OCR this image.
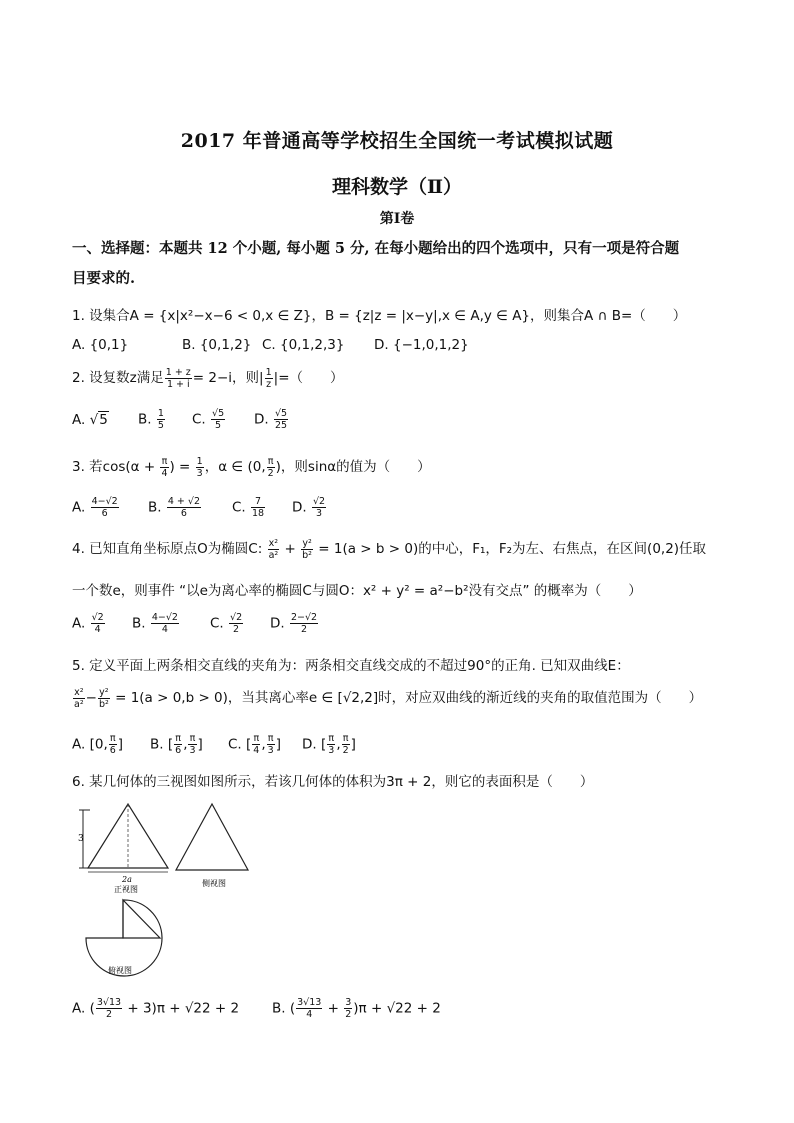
2017 年普通高等学校招生全国统一考试模拟试题
理科数学（Ⅱ）
第Ⅰ卷
一、选择题：本题共 12 个小题, 每小题 5 分, 在每小题给出的四个选项中，只有一项是符合题
目要求的.
1. 设集合A = {x|x²−x−6 < 0,x ∈ Z}，B = {z|z = |x−y|,x ∈ A,y ∈ A}，则集合A ∩ B=（　　）
A. {0,1}	B. {0,1,2} C. {0,1,2,3} D. {−1,0,1,2}
2. 设复数z满足 $\frac{1 + z}{1 + i} = 2-i$，则| $\frac{1}{z}$ |=（　　）
A. √5 B. $\frac{1}{5} C$. $\frac{√5}{5} D$. $\frac{√5}{25}$
3. 若$\cos(\alpha + \frac{\pi}{4}$ ) = $\frac{1}{3}$ ，α ∈ (0, $\frac{\pi}{2}$ )，则sinα的值为（　　）
A. $\frac{4-√2}{6} B$. $\frac{4 + √2}{6} C$. $\frac{7}{18} D$. $\frac{√2}{3}$
4. 已知直角坐标原点O为椭圆C: $\frac{\text{x²}}{\text{a²}} + \frac{\text{y²}}{\text{b²}} = 1(a > b > 0)$的中心，F₁，F₂为左、右焦点，在区间(0,2)任取
一个数e，则事件 “以e为离心率的椭圆C与圆O：x² + y² = a²−b²没有交点” 的概率为（　　）
A. $\frac{√2}{4} B$. $\frac{4-√2}{4} C$. $\frac{√2}{2} D$. $\frac{2-√2}{2}$
5. 定义平面上两条相交直线的夹角为：两条相交直线交成的不超过90°的正角. 已知双曲线E：
$\frac{\text{x²}}{\text{a²}} - \frac{\text{y²}}{\text{b²}} = 1(a > 0,b > 0)$，当其离心率e ∈ [√2,2]时，对应双曲线的渐近线的夹角的取值范围为（　　）
A. [0, $\frac{\pi}{6}$ ] B. [ $\frac{\pi}{6}$ , $\frac{\pi}{3}$ ] C. [ $\frac{\pi}{4}$ , $\frac{\pi}{3}$ ] D. [ $\frac{\pi}{3}$ , $\frac{\pi}{2}$ ]
6. 某几何体的三视图如图所示，若该几何体的体积为3π + 2，则它的表面积是（　　）
3
2a
正视图
侧视图
俯视图
A. ( $\frac{3√13}{2} + 3)\pi + √22 + 2$ B. ( $\frac{3√13}{4} + \frac{3}{2} )\pi + √22 + 2$
